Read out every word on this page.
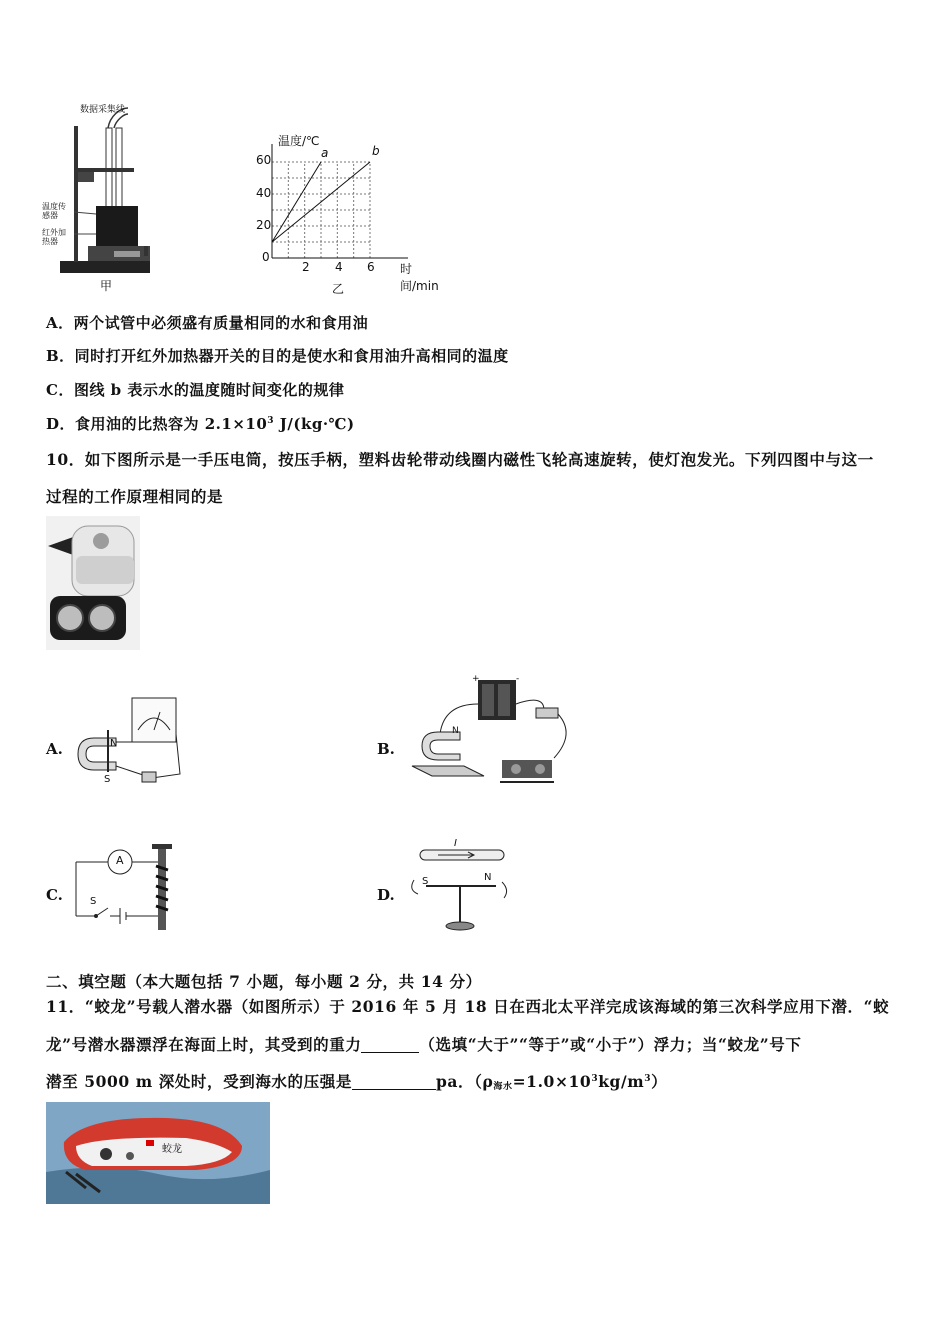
数据采集线
温度传感器
红外加热器
甲
温度/℃
时间/min
0
20
40
60
2 4 6
a	b
乙
A．两个试管中必须盛有质量相同的水和食用油
B．同时打开红外加热器开关的目的是使水和食用油升高相同的温度
C．图线 b 表示水的温度随时间变化的规律
D．食用油的比热容为 $2.1\times 10^3$ J/(kg·℃)
10．如下图所示是一手压电筒，按压手柄，塑料齿轮带动线圈内磁性飞轮高速旋转，使灯泡发光。下列四图中与这一
过程的工作原理相同的是
A.	N
S
B.
N
+	-
C.
A
S	D.
I
S	N
二、填空题（本大题包括 7 小题，每小题 2 分，共 14 分）
11．“蛟龙”号载人潜水器（如图所示）于 2016 年 5 月 18 日在西北太平洋完成该海域的第三次科学应用下潜．“蛟
龙”号潜水器漂浮在海面上时，其受到的重力	（选填“大于”“等于”或“小于”）浮力；当“蛟龙”号下
潜至 5000 m 深处时，受到海水的压强是	pa．$(\rho_{海水}=1.0\times 10^3kg/m^3)$
蛟龙
